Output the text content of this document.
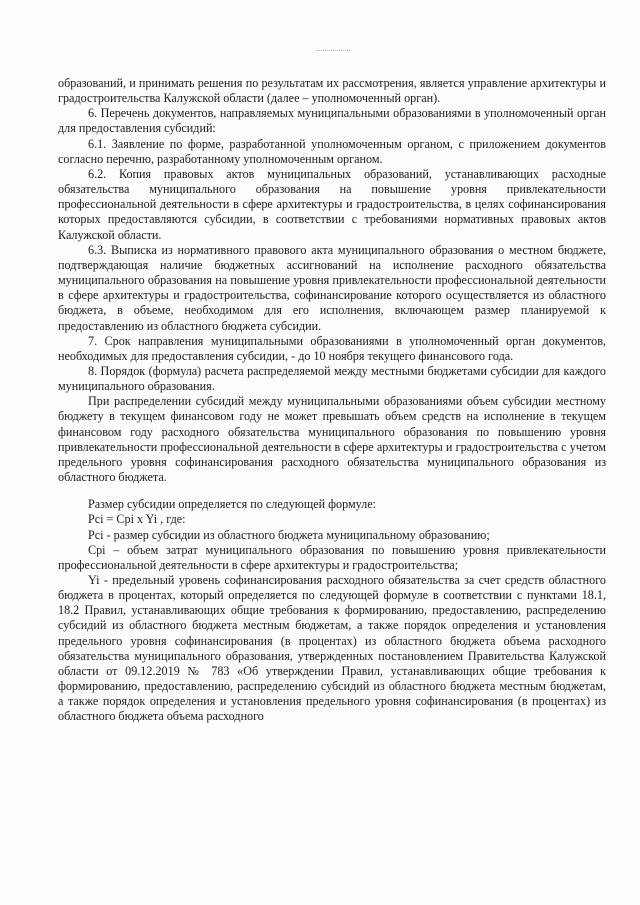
образований, и принимать решения по результатам их рассмотрения, является управление архитектуры и градостроительства Калужской области (далее – уполномоченный орган).

6. Перечень документов, направляемых муниципальными образованиями в уполномоченный орган для предоставления субсидий:

6.1. Заявление по форме, разработанной уполномоченным органом, с приложением документов согласно перечню, разработанному уполномоченным органом.

6.2. Копия правовых актов муниципальных образований, устанавливающих расходные обязательства муниципального образования на повышение уровня привлекательности профессиональной деятельности в сфере архитектуры и градостроительства, в целях софинансирования которых предоставляются субсидии, в соответствии с требованиями нормативных правовых актов Калужской области.

6.3. Выписка из нормативного правового акта муниципального образования о местном бюджете, подтверждающая наличие бюджетных ассигнований на исполнение расходного обязательства муниципального образования на повышение уровня привлекательности профессиональной деятельности в сфере архитектуры и градостроительства, софинансирование которого осуществляется из областного бюджета, в объеме, необходимом для его исполнения, включающем размер планируемой к предоставлению из областного бюджета субсидии.

7. Срок направления муниципальными образованиями в уполномоченный орган документов, необходимых для предоставления субсидии, - до 10 ноября текущего финансового года.

8. Порядок (формула) расчета распределяемой между местными бюджетами субсидии для каждого муниципального образования.

При распределении субсидий между муниципальными образованиями объем субсидии местному бюджету в текущем финансовом году не может превышать объем средств на исполнение в текущем финансовом году расходного обязательства муниципального образования по повышению уровня привлекательности профессиональной деятельности в сфере архитектуры и градостроительства с учетом предельного уровня софинансирования расходного обязательства муниципального образования из областного бюджета.

Размер субсидии определяется по следующей формуле:

Pci = Cpi x Yi , где:

Pci - размер субсидии из областного бюджета муниципальному образованию;

Cpi – объем затрат муниципального образования по повышению уровня привлекательности профессиональной деятельности в сфере архитектуры и градостроительства;

Yi - предельный уровень софинансирования расходного обязательства за счет средств областного бюджета в процентах, который определяется по следующей формуле в соответствии с пунктами 18.1, 18.2 Правил, устанавливающих общие требования к формированию, предоставлению, распределению субсидий из областного бюджета местным бюджетам, а также порядок определения и установления предельного уровня софинансирования (в процентах) из областного бюджета объема расходного обязательства муниципального образования, утвержденных постановлением Правительства Калужской области от 09.12.2019 № 783 «Об утверждении Правил, устанавливающих общие требования к формированию, предоставлению, распределению субсидий из областного бюджета местным бюджетам, а также порядок определения и установления предельного уровня софинансирования (в процентах) из областного бюджета объема расходного
